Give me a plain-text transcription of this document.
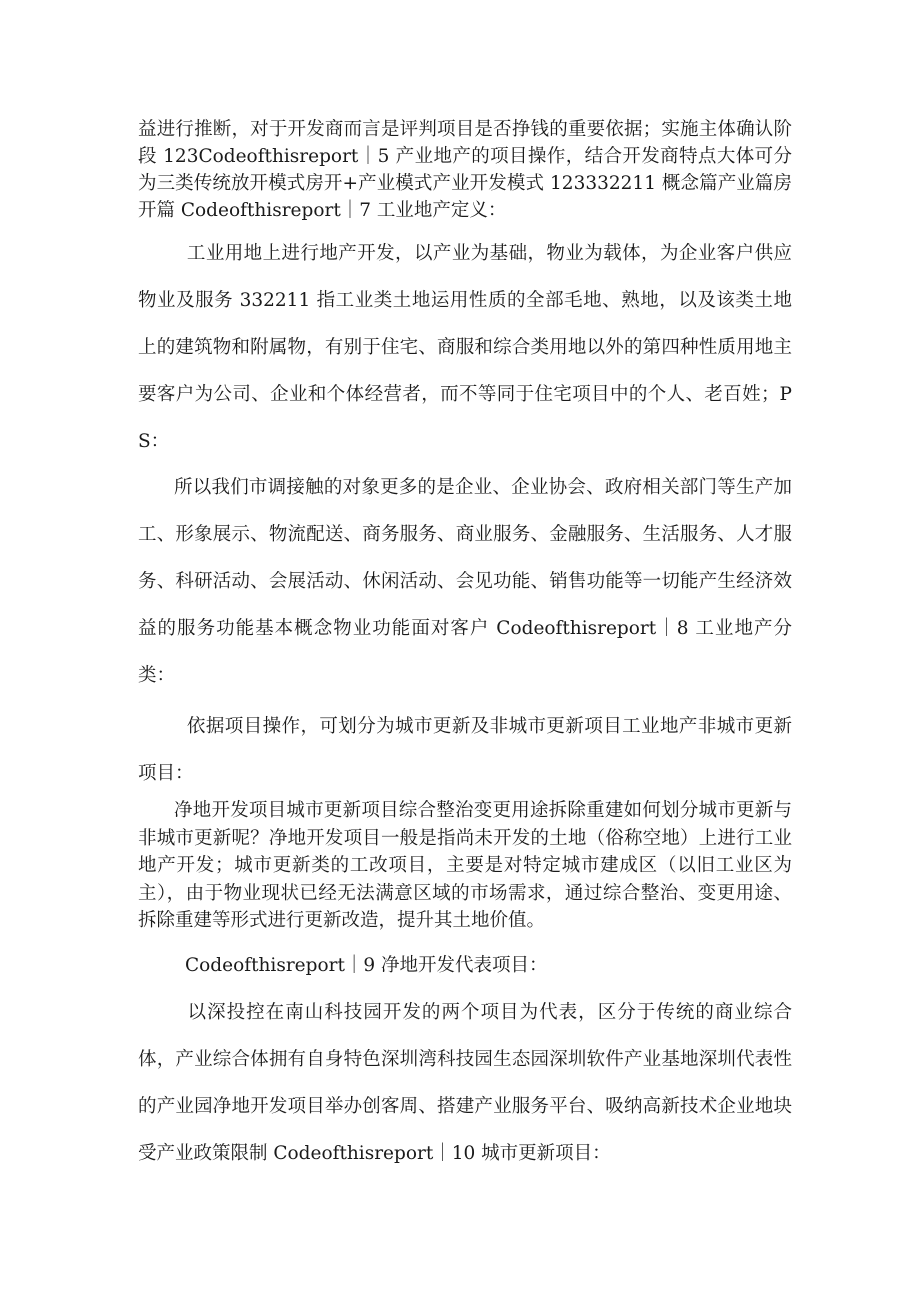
益进行推断，对于开发商而言是评判项目是否挣钱的重要依据；实施主体确认阶段 123Codeofthisreport｜5 产业地产的项目操作，结合开发商特点大体可分为三类传统放开模式房开+产业模式产业开发模式 123332211 概念篇产业篇房开篇 Codeofthisreport｜7 工业地产定义：

　工业用地上进行地产开发，以产业为基础，物业为载体，为企业客户供应物业及服务 332211 指工业类土地运用性质的全部毛地、熟地，以及该类土地上的建筑物和附属物，有别于住宅、商服和综合类用地以外的第四种性质用地主要客户为公司、企业和个体经营者，而不等同于住宅项目中的个人、老百姓；PS：

所以我们市调接触的对象更多的是企业、企业协会、政府相关部门等生产加工、形象展示、物流配送、商务服务、商业服务、金融服务、生活服务、人才服务、科研活动、会展活动、休闲活动、会见功能、销售功能等一切能产生经济效益的服务功能基本概念物业功能面对客户 Codeofthisreport｜8 工业地产分类：

　依据项目操作，可划分为城市更新及非城市更新项目工业地产非城市更新项目：

净地开发项目城市更新项目综合整治变更用途拆除重建如何划分城市更新与非城市更新呢？净地开发项目一般是指尚未开发的土地（俗称空地）上进行工业地产开发；城市更新类的工改项目，主要是对特定城市建成区（以旧工业区为主），由于物业现状已经无法满意区域的市场需求，通过综合整治、变更用途、拆除重建等形式进行更新改造，提升其土地价值。

Codeofthisreport｜9 净地开发代表项目：

　以深投控在南山科技园开发的两个项目为代表，区分于传统的商业综合体，产业综合体拥有自身特色深圳湾科技园生态园深圳软件产业基地深圳代表性的产业园净地开发项目举办创客周、搭建产业服务平台、吸纳高新技术企业地块受产业政策限制 Codeofthisreport｜10 城市更新项目：
